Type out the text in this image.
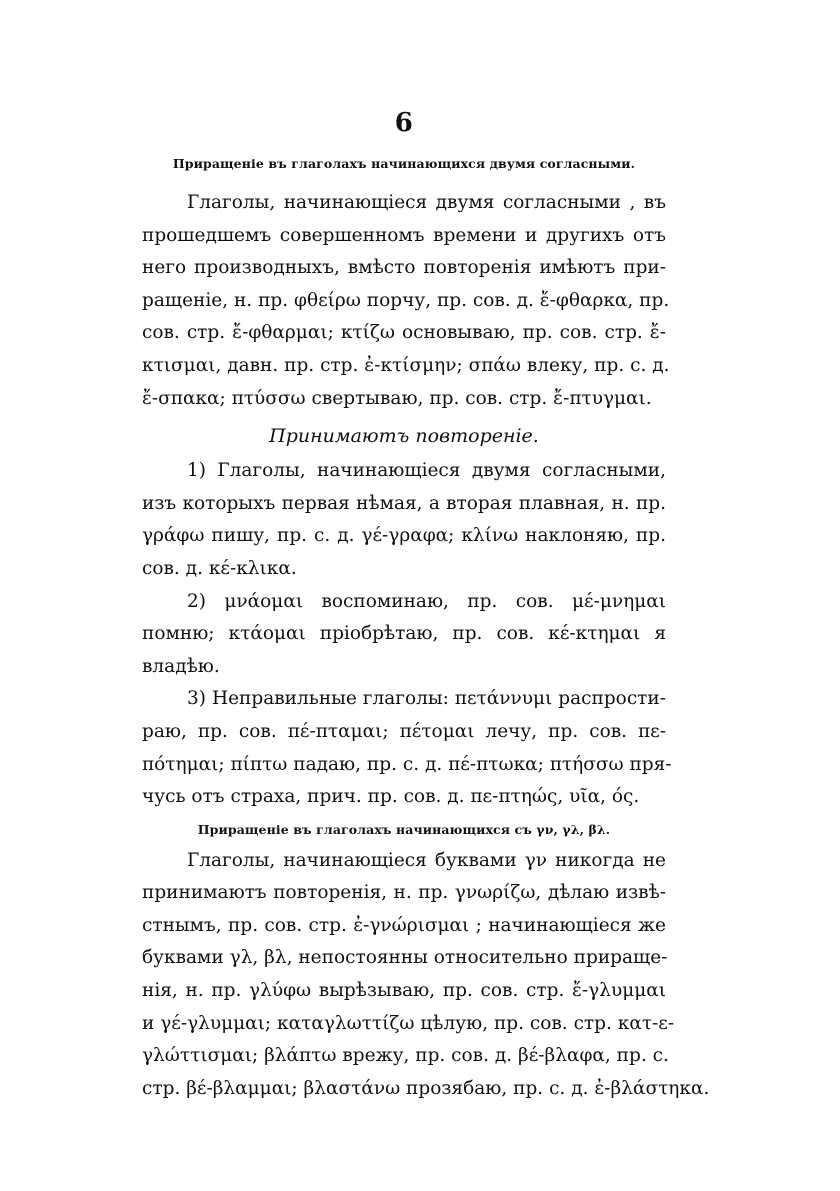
6
Приращеніе въ глаголахъ начинающихся двумя согласными.
Глаголы, начинающіеся двумя согласными , въ
прошедшемъ совершенномъ времени и другихъ отъ
него производныхъ, вмѣсто повторенія имѣютъ при-
ращеніе, н. пр. φθείρω порчу, пр. сов. д. ἔ-φθαρκα, пр.
сов. стр. ἔ-φθαρμαι; κτίζω основываю, пр. сов. стр. ἔ-
κτισμαι, давн. пр. стр. ἐ-κτίσμην; σπάω влеку, пр. с. д.
ἔ-σπακα; πτύσσω свертываю, пр. сов. стр. ἔ-πτυγμαι.
Принимаютъ повтореніе.
1) Глаголы, начинающіеся двумя согласными,
изъ которыхъ первая нѣмая, а вторая плавная, н. пр.
γράφω пишу, пр. с. д. γέ-γραφα; κλίνω наклоняю, пр.
сов. д. κέ-κλικα.
2) μνάομαι воспоминаю, пр. сов. μέ-μνημαι
помню; κτάομαι пріобрѣтаю, пр. сов. κέ-κτημαι я
владѣю.
3) Неправильные глаголы: πετάννυμι распрости-
раю, пр. сов. πέ-πταμαι; πέτομαι лечу, пр. сов. πε-
πότημαι; πίπτω падаю, пр. с. д. πέ-πτωκα; πτήσσω пря-
чусь отъ страха, прич. пр. сов. д. πε-πτηώς, υῖα, ός.
Приращеніе въ глаголахъ начинающихся съ γν, γλ, βλ.
Глаголы, начинающіеся буквами γν никогда не
принимаютъ повторенія, н. пр. γνωρίζω, дѣлаю извѣ-
стнымъ, пр. сов. стр. ἐ-γνώρισμαι ; начинающіеся же
буквами γλ, βλ, непостоянны относительно приращe-
нія, н. пр. γλύφω вырѣзываю, пр. сов. стр. ἔ-γλυμμαι
и γέ-γλυμμαι; καταγλωττίζω цѣлую, пр. сов. стр. κατ-ε-
γλώττισμαι; βλάπτω врежу, пр. сов. д. βέ-βλαφα, пр. с.
стр. βέ-βλαμμαι; βλαστάνω прозябаю, пр. с. д. ἐ-βλάστηκα.
